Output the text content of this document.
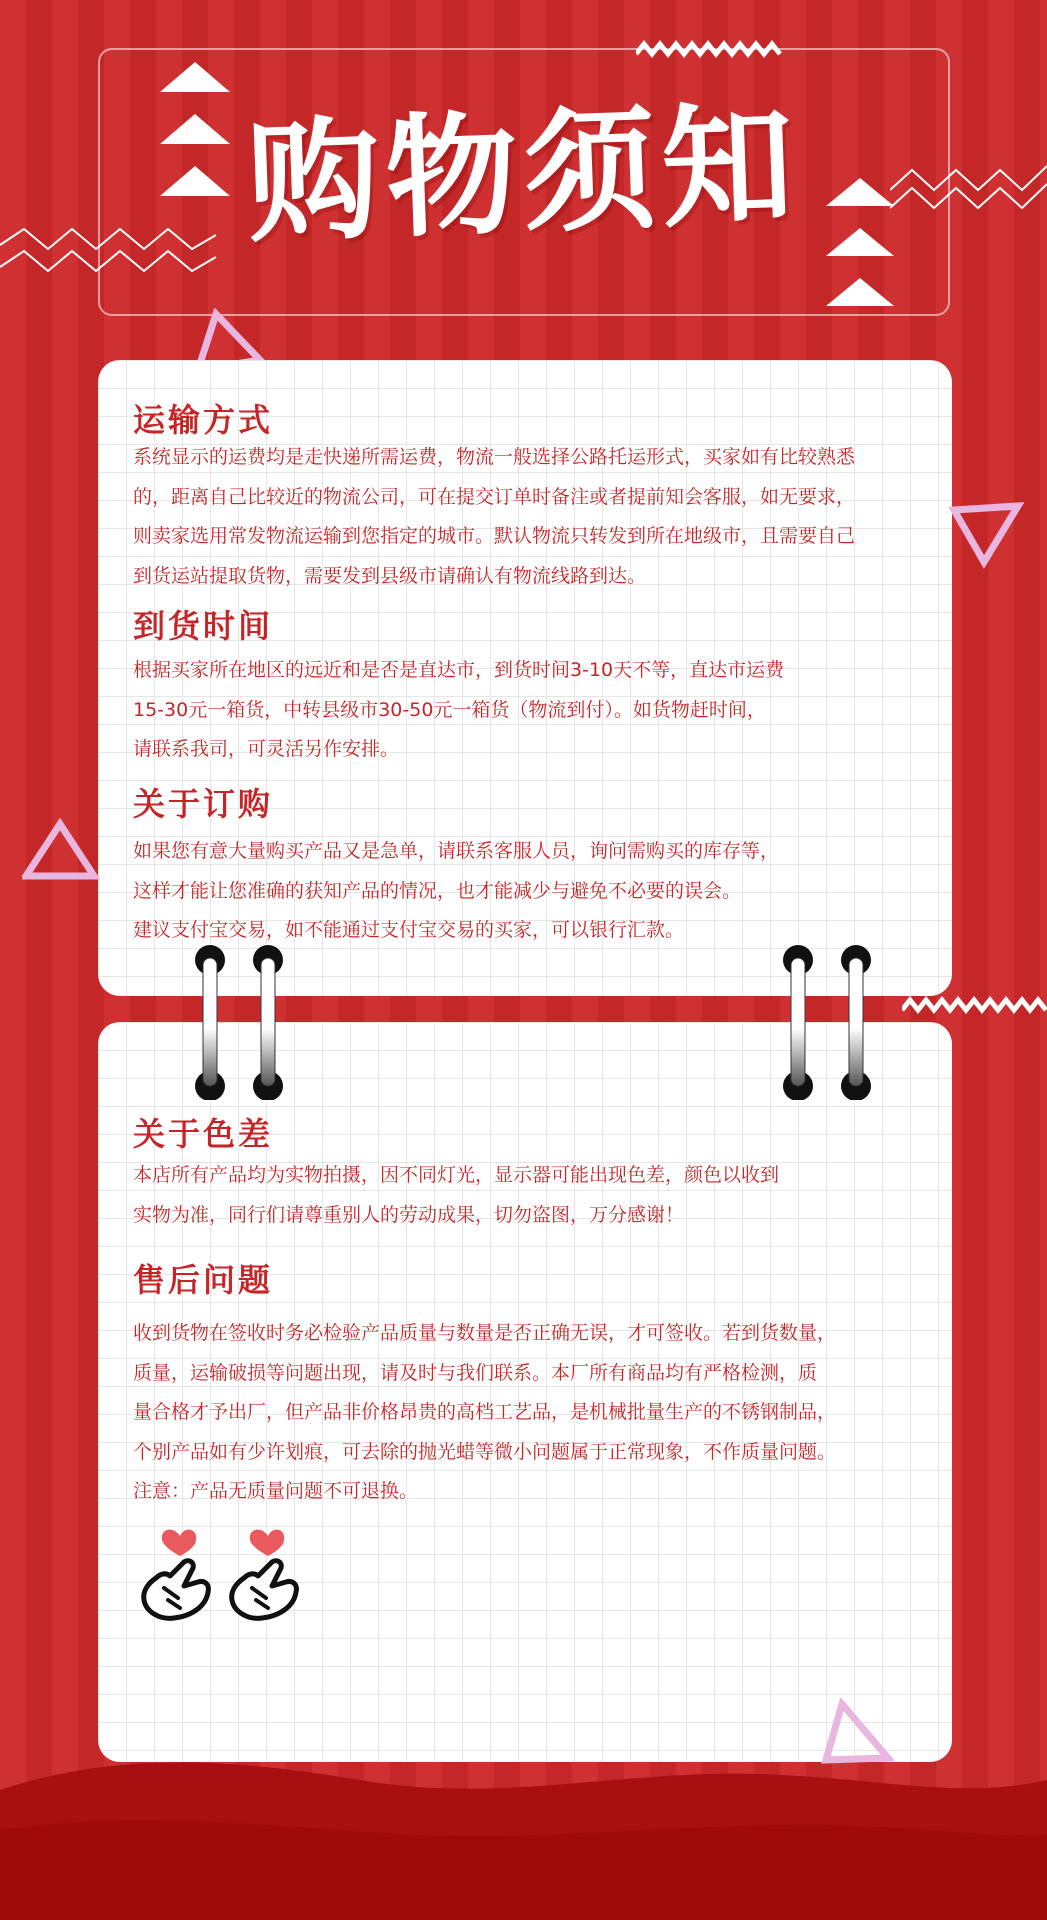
购物须知
运输方式
系统显示的运费均是走快递所需运费，物流一般选择公路托运形式，买家如有比较熟悉
的，距离自己比较近的物流公司，可在提交订单时备注或者提前知会客服，如无要求，
则卖家选用常发物流运输到您指定的城市。默认物流只转发到所在地级市，且需要自己
到货运站提取货物，需要发到县级市请确认有物流线路到达。
到货时间
根据买家所在地区的远近和是否是直达市，到货时间3-10天不等，直达市运费
15-30元一箱货，中转县级市30-50元一箱货（物流到付）。如货物赶时间，
请联系我司，可灵活另作安排。
关于订购
如果您有意大量购买产品又是急单，请联系客服人员，询问需购买的库存等，
这样才能让您准确的获知产品的情况，也才能减少与避免不必要的误会。
建议支付宝交易，如不能通过支付宝交易的买家，可以银行汇款。
关于色差
本店所有产品均为实物拍摄，因不同灯光，显示器可能出现色差，颜色以收到
实物为准，同行们请尊重别人的劳动成果，切勿盗图，万分感谢！
售后问题
收到货物在签收时务必检验产品质量与数量是否正确无误，才可签收。若到货数量，
质量，运输破损等问题出现，请及时与我们联系。本厂所有商品均有严格检测，质
量合格才予出厂，但产品非价格昂贵的高档工艺品，是机械批量生产的不锈钢制品，
个别产品如有少许划痕，可去除的抛光蜡等微小问题属于正常现象，不作质量问题。
注意：产品无质量问题不可退换。
